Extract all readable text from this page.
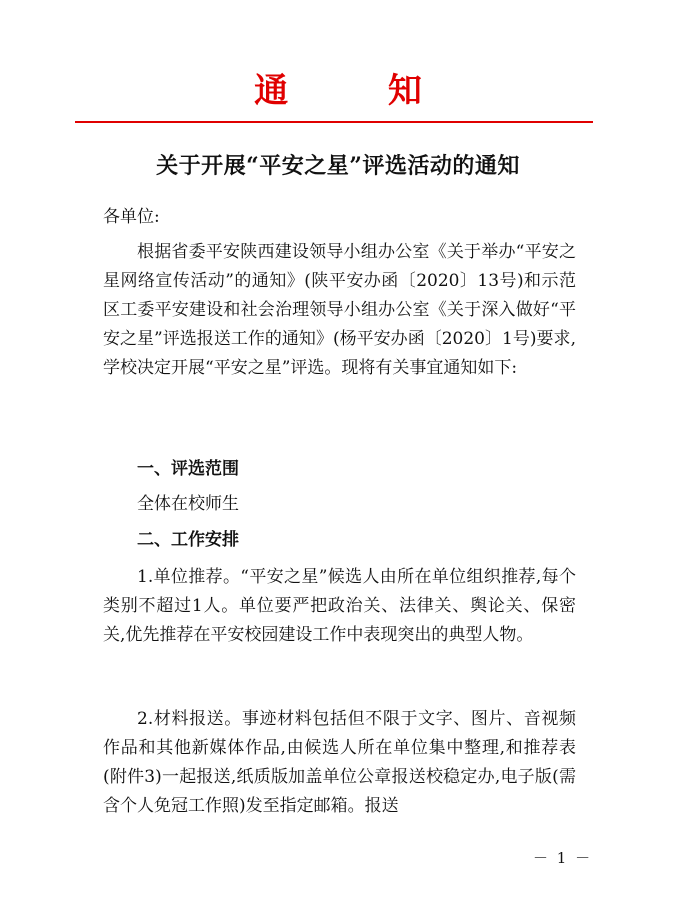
通 知
关于开展“平安之星”评选活动的通知

各单位:

根据省委平安陕西建设领导小组办公室《关于举办“平安之星网络宣传活动”的通知》(陕平安办函〔2020〕13号)和示范区工委平安建设和社会治理领导小组办公室《关于深入做好“平安之星”评选报送工作的通知》(杨平安办函〔2020〕1号)要求,学校决定开展“平安之星”评选。现将有关事宜通知如下:

一、评选范围
全体在校师生
二、工作安排

1.单位推荐。“平安之星”候选人由所在单位组织推荐,每个类别不超过1人。单位要严把政治关、法律关、舆论关、保密关,优先推荐在平安校园建设工作中表现突出的典型人物。

2.材料报送。事迹材料包括但不限于文字、图片、音视频作品和其他新媒体作品,由候选人所在单位集中整理,和推荐表(附件3)一起报送,纸质版加盖单位公章报送校稳定办,电子版(需含个人免冠工作照)发至指定邮箱。报送

－ 1 －
